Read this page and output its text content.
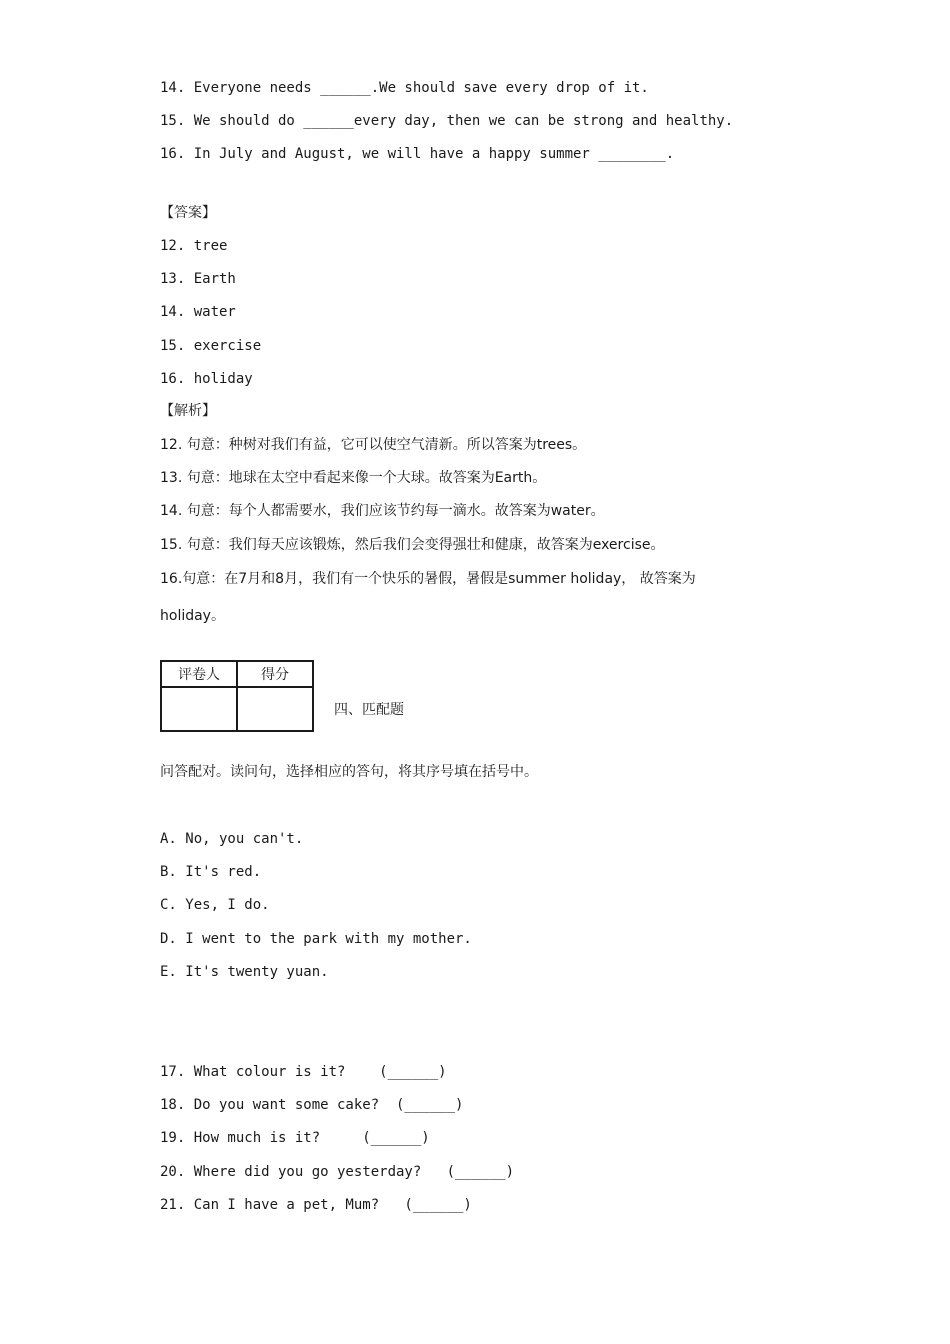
14. Everyone needs ______.We should save every drop of it.
15. We should do ______every day, then we can be strong and healthy.
16. In July and August, we will have a happy summer ________.
【答案】
12. tree
13. Earth
14. water
15. exercise
16. holiday
【解析】
12. 句意：种树对我们有益，它可以使空气清新。所以答案为trees。
13. 句意：地球在太空中看起来像一个大球。故答案为Earth。
14. 句意：每个人都需要水，我们应该节约每一滴水。故答案为water。
15. 句意：我们每天应该锻炼，然后我们会变得强壮和健康，故答案为exercise。
16.句意：在7月和8月，我们有一个快乐的暑假，暑假是summer holiday， 故答案为
holiday。
评卷人	得分

四、匹配题
问答配对。读问句，选择相应的答句，将其序号填在括号中。
A. No, you can't.
B. It's red.
C. Yes, I do.
D. I went to the park with my mother.
E. It's twenty yuan.
17. What colour is it?    (______)
18. Do you want some cake?  (______)
19. How much is it?     (______)
20. Where did you go yesterday?   (______)
21. Can I have a pet, Mum?   (______)
